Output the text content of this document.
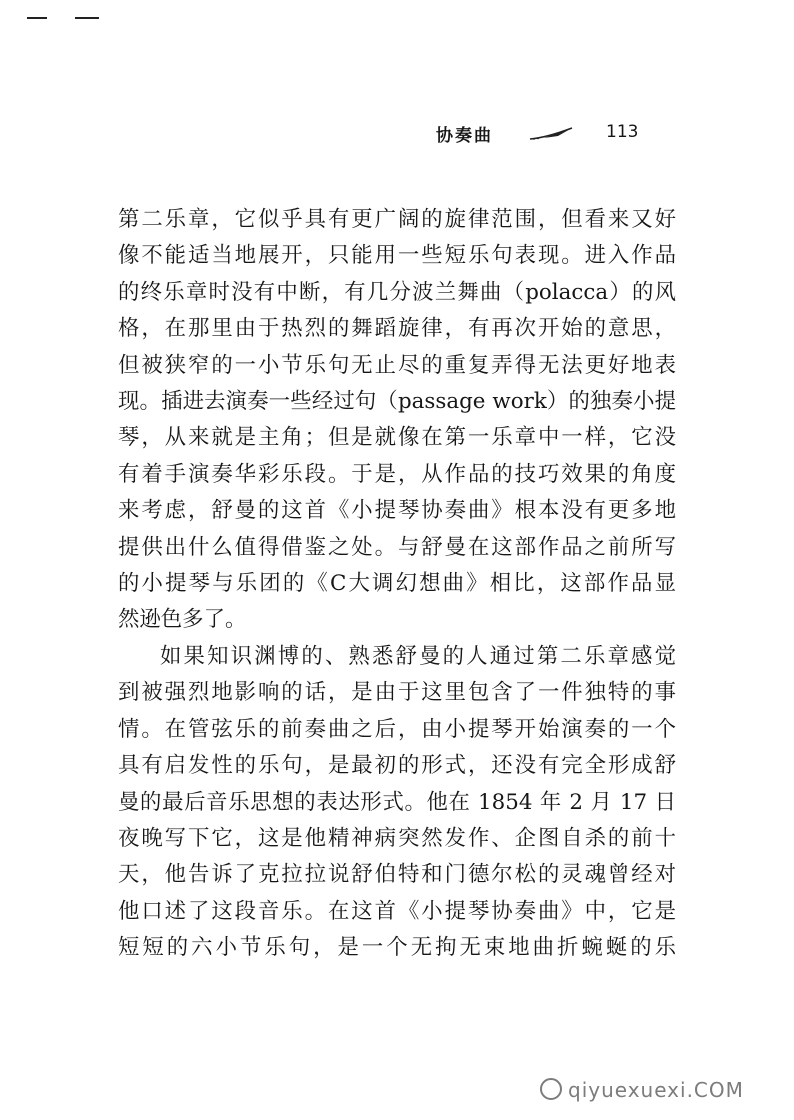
协奏曲	113

第二乐章，它似乎具有更广阔的旋律范围，但看来又好
像不能适当地展开，只能用一些短乐句表现。进入作品
的终乐章时没有中断，有几分波兰舞曲（polacca）的风
格，在那里由于热烈的舞蹈旋律，有再次开始的意思，
但被狭窄的一小节乐句无止尽的重复弄得无法更好地表
现。插进去演奏一些经过句（passage work）的独奏小提
琴，从来就是主角；但是就像在第一乐章中一样，它没
有着手演奏华彩乐段。于是，从作品的技巧效果的角度
来考虑，舒曼的这首《小提琴协奏曲》根本没有更多地
提供出什么值得借鉴之处。与舒曼在这部作品之前所写
的小提琴与乐团的《C大调幻想曲》相比，这部作品显
然逊色多了。

如果知识渊博的、熟悉舒曼的人通过第二乐章感觉
到被强烈地影响的话，是由于这里包含了一件独特的事
情。在管弦乐的前奏曲之后，由小提琴开始演奏的一个
具有启发性的乐句，是最初的形式，还没有完全形成舒
曼的最后音乐思想的表达形式。他在 1854 年 2 月 17 日
夜晚写下它，这是他精神病突然发作、企图自杀的前十
天，他告诉了克拉拉说舒伯特和门德尔松的灵魂曾经对
他口述了这段音乐。在这首《小提琴协奏曲》中，它是
短短的六小节乐句，是一个无拘无束地曲折蜿蜒的乐

qiyuexuexi.COM
